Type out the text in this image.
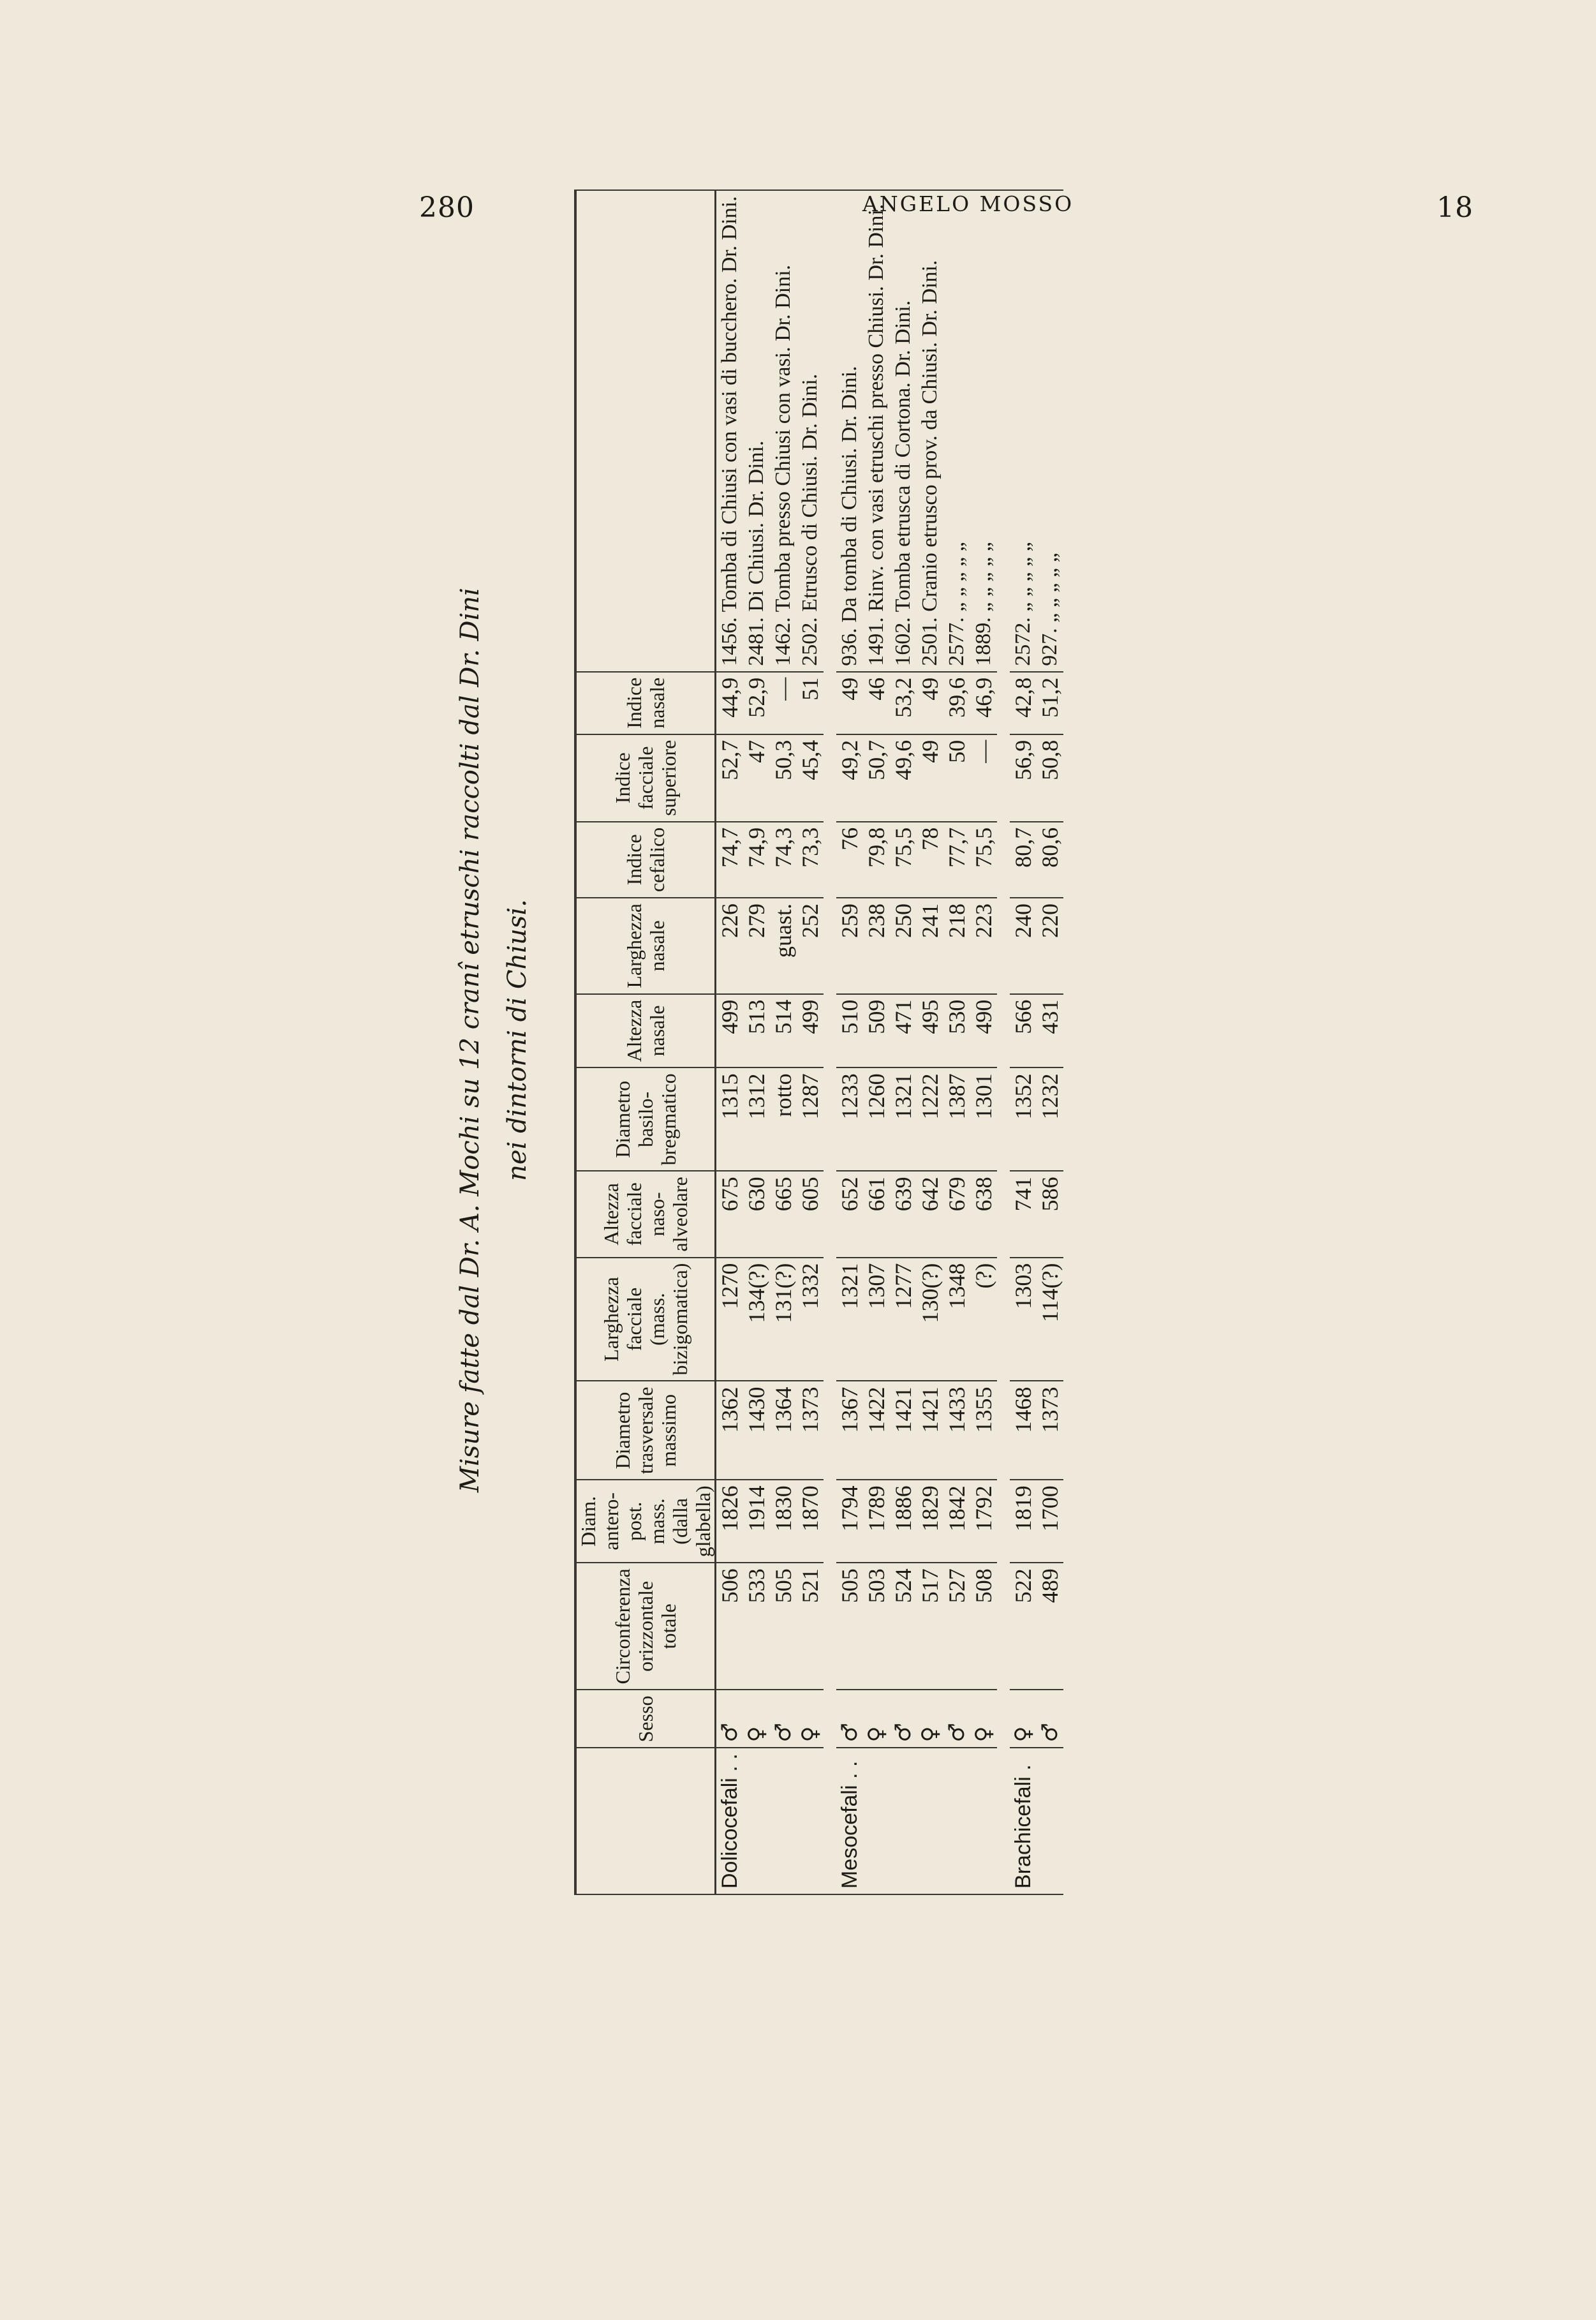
280	ANGELO MOSSO	18
Misure fatte dal Dr. A. Mochi su 12 cranî etruschi raccolti dal Dr. Dini nei dintorni di Chiusi.
	Sesso	Circonferenza orizzontale totale	Diam. antero-post. mass. (dalla glabella)	Diametro trasversale massimo	Larghezza facciale (mass. bizigomatica)	Altezza facciale naso-alveolare	Diametro basilo-bregmatico	Altezza nasale	Larghezza nasale	Indice cefalico	Indice facciale superiore	Indice nasale	
Dolicocefali . .	♂	506	1826	1362	1270	675	1315	499	226	74,7	52,7	44,9	1456. Tomba di Chiusi con vasi di bucchero. Dr. Dini.
	♀	533	1914	1430	134(?)	630	1312	513	279	74,9	47	52,9	2481. Di Chiusi. Dr. Dini.
	♂	505	1830	1364	131(?)	665	rotto	514	guast.	74,3	50,3	—	1462. Tomba presso Chiusi con vasi. Dr. Dini.
	♀	521	1870	1373	1332	605	1287	499	252	73,3	45,4	51	2502. Etrusco di Chiusi. Dr. Dini.

Mesocefali . .	♂	505	1794	1367	1321	652	1233	510	259	76	49,2	49	936. Da tomba di Chiusi. Dr. Dini.
	♀	503	1789	1422	1307	661	1260	509	238	79,8	50,7	46	1491. Rinv. con vasi etruschi presso Chiusi. Dr. Dini.
	♂	524	1886	1421	1277	639	1321	471	250	75,5	49,6	53,2	1602. Tomba etrusca di Cortona. Dr. Dini.
	♀	517	1829	1421	130(?)	642	1222	495	241	78	49	49	2501. Cranio etrusco prov. da Chiusi. Dr. Dini.
	♂	527	1842	1433	1348	679	1387	530	218	77,7	50	39,6	2577. „ „ „ „ „
	♀	508	1792	1355	(?)	638	1301	490	223	75,5	—	46,9	1889. „ „ „ „ „

Brachicefali .	♀	522	1819	1468	1303	741	1352	566	240	80,7	56,9	42,8	2572. „ „ „ „ „
	♂	489	1700	1373	114(?)	586	1232	431	220	80,6	50,8	51,2	927. „ „ „ „ „
